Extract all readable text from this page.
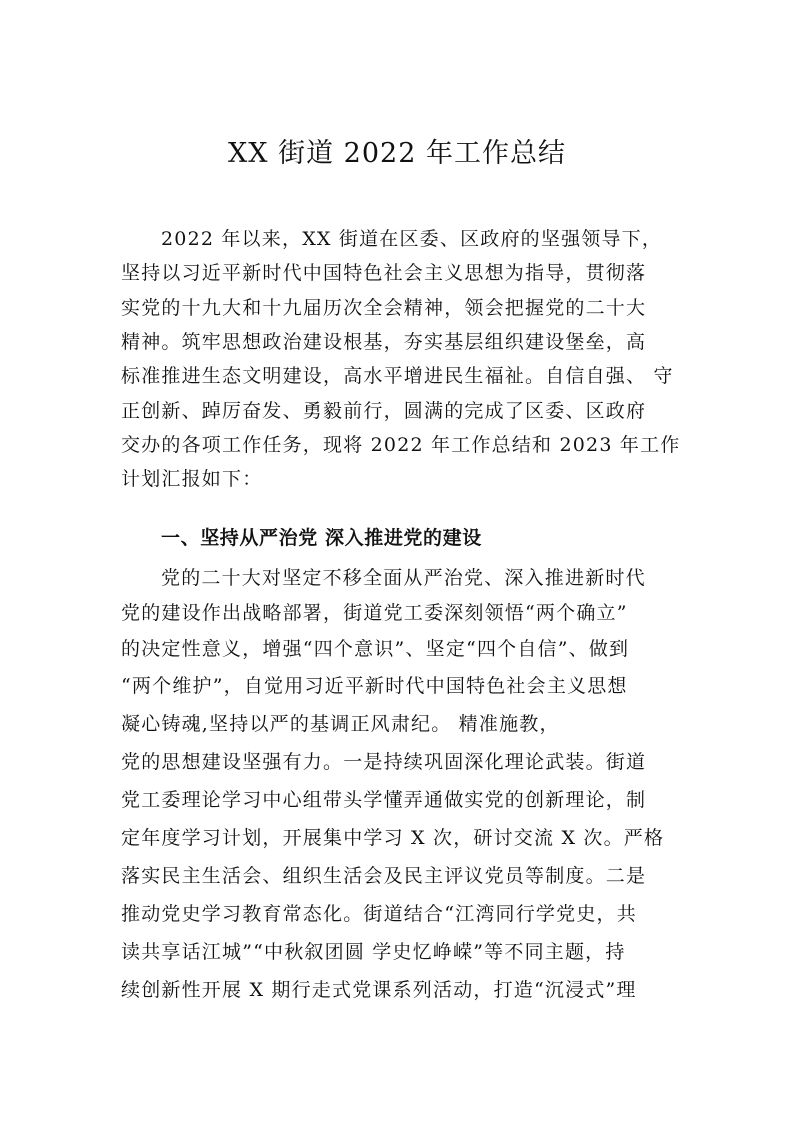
XX 街道 2022 年工作总结
2022 年以来，XX 街道在区委、区政府的坚强领导下，
坚持以习近平新时代中国特色社会主义思想为指导，贯彻落
实党的十九大和十九届历次全会精神，领会把握党的二十大
精神。筑牢思想政治建设根基，夯实基层组织建设堡垒，高
标准推进生态文明建设，高水平增进民生福祉。自信自强、 守
正创新、踔厉奋发、勇毅前行，圆满的完成了区委、区政府
交办的各项工作任务，现将 2022 年工作总结和 2023 年工作
计划汇报如下：
一、坚持从严治党 深入推进党的建设
党的二十大对坚定不移全面从严治党、深入推进新时代
党的建设作出战略部署，街道党工委深刻领悟“两个确立”
的决定性意义，增强“四个意识”、坚定“四个自信”、做到
“两个维护”，自觉用习近平新时代中国特色社会主义思想
凝心铸魂,坚持以严的基调正风肃纪。 精准施教，
党的思想建设坚强有力。一是持续巩固深化理论武装。街道
党工委理论学习中心组带头学懂弄通做实党的创新理论，制
定年度学习计划，开展集中学习 X 次，研讨交流 X 次。严格
落实民主生活会、组织生活会及民主评议党员等制度。二是
推动党史学习教育常态化。街道结合“江湾同行学党史，共
读共享话江城”“中秋叙团圆 学史忆峥嵘”等不同主题，持
续创新性开展 X 期行走式党课系列活动，打造“沉浸式”理
